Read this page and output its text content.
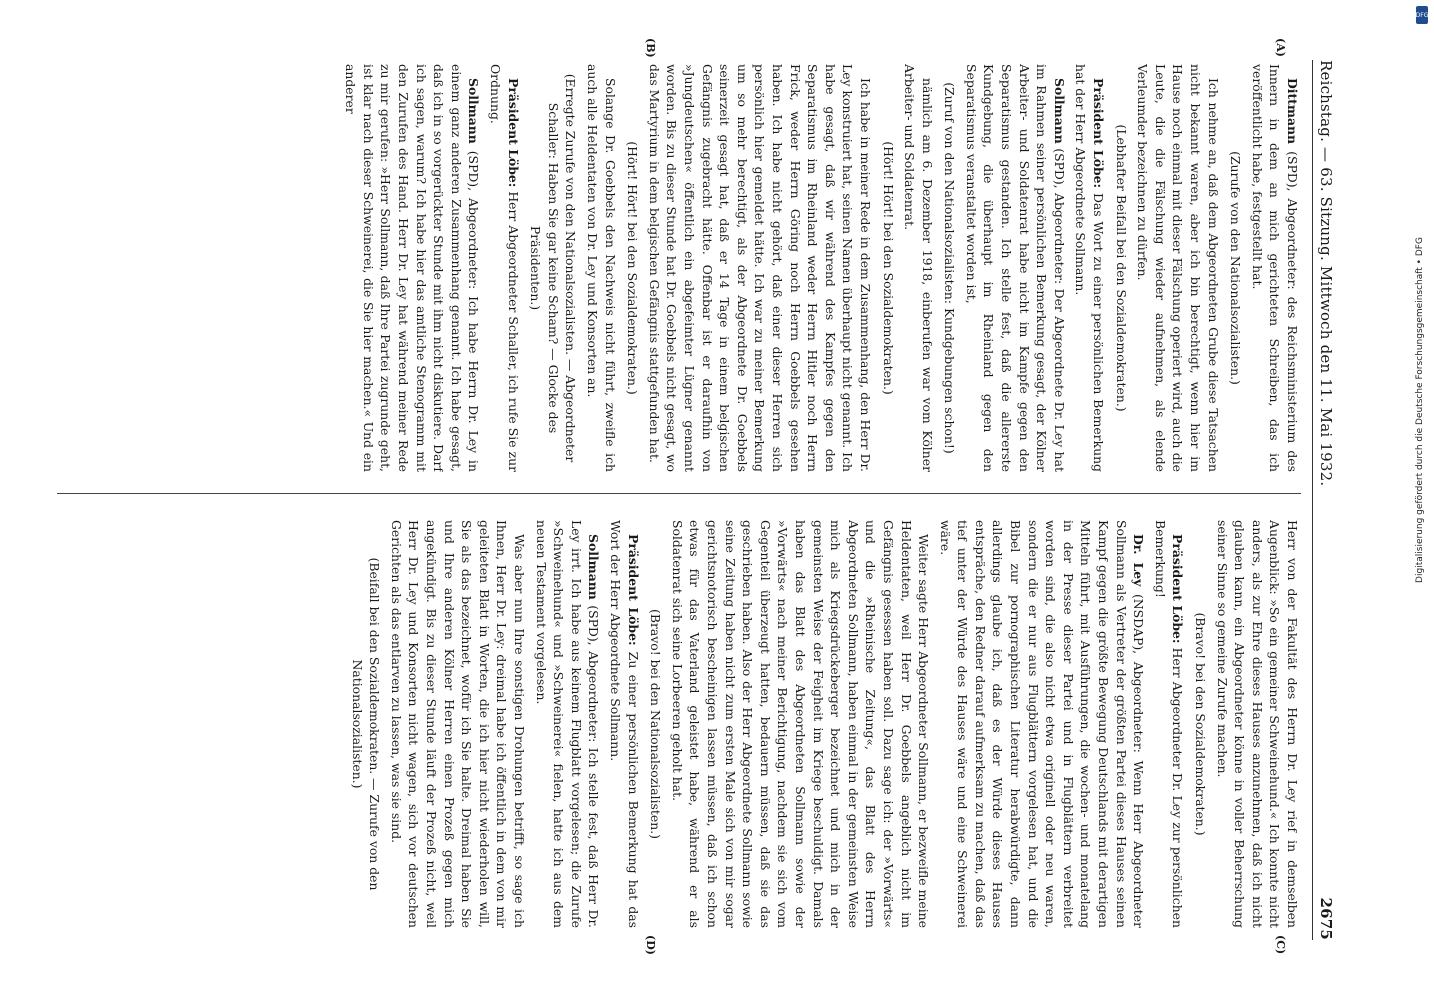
Reichstag. — 63. Sitzung. Mittwoch den 11. Mai 1932.
2675
(A)
(B)
(C)
(D)

Dittmann (SPD), Abgeordneter: des Reichsministerium des Innern in dem an mich gerichteten Schreiben, das ich veröffentlicht habe, festgestellt hat.

(Zurufe von den Nationalsozialisten.)

Ich nehme an, daß dem Abgeordneten Grube diese Tatsachen nicht bekannt waren, aber ich bin berechtigt, wenn hier im Hause noch einmal mit dieser Fälschung operiert wird, auch die Leute, die die Fälschung wieder aufnehmen, als elende Verleumder bezeichnen zu dürfen.

(Lebhafter Beifall bei den Sozialdemokraten.)

Präsident Löbe: Das Wort zu einer persönlichen Bemerkung hat der Herr Abgeordnete Sollmann.

Sollmann (SPD), Abgeordneter: Der Abgeordnete Dr. Ley hat im Rahmen seiner persönlichen Bemerkung gesagt, der Kölner Arbeiter- und Soldatenrat habe nicht im Kampfe gegen den Separatismus gestanden. Ich stelle fest, daß die allererste Kundgebung, die überhaupt im Rheinland gegen den Separatismus veranstaltet worden ist,

(Zuruf von den Nationalsozialisten: Kundgebungen schon!)

nämlich am 6. Dezember 1918, einberufen war vom Kölner Arbeiter- und Soldatenrat.

(Hört! Hört! bei den Sozialdemokraten.)

Ich habe in meiner Rede in dem Zusammenhang, den Herr Dr. Ley konstruiert hat, seinen Namen überhaupt nicht genannt. Ich habe gesagt, daß wir während des Kampfes gegen den Separatismus im Rheinland weder Herrn Hitler noch Herrn Frick, weder Herrn Göring noch Herrn Goebbels gesehen haben. Ich habe nicht gehört, daß einer dieser Herren sich persönlich hier gemeldet hätte. Ich war zu meiner Bemerkung um so mehr berechtigt, als der Abgeordnete Dr. Goebbels seinerzeit gesagt hat, daß er 14 Tage in einem belgischen Gefängnis zugebracht hätte. Offenbar ist er daraufhin von »Jungdeutschen« öffentlich ein abgefeimter Lügner genannt worden. Bis zu dieser Stunde hat Dr. Goebbels nicht gesagt, wo das Martyrium in dem belgischen Gefängnis stattgefunden hat.

(Hört! Hört! bei den Sozialdemokraten.)

Solange Dr. Goebbels den Nachweis nicht führt, zweifle ich auch alle Heldentaten von Dr. Ley und Konsorten an.

(Erregte Zurufe von den Nationalsozialisten. — Abgeordneter Schaller: Haben Sie gar keine Scham? — Glocke des Präsidenten.)

Präsident Löbe: Herr Abgeordneter Schaller, ich rufe Sie zur Ordnung.

Sollmann (SPD), Abgeordneter: Ich habe Herrn Dr. Ley in einem ganz anderen Zusammenhang genannt. Ich habe gesagt, daß ich in so vorgerückter Stunde mit ihm nicht diskutiere. Darf ich sagen, warum? Ich habe hier das amtliche Stenogramm mit den Zurufen des Hand. Herr Dr. Ley hat während meiner Rede zu mir gerufen: »Herr Sollmann, daß Ihre Partei zugrunde geht, ist klar nach dieser Schweinerei, die Sie hier machen.« Und ein anderer

Herr von der Fakultät des Herrn Dr. Ley rief in demselben Augenblick: »So ein gemeiner Schweinehund.« Ich konnte nicht anders, als zur Ehre dieses Hauses anzunehmen, daß ich nicht glauben kann, ein Abgeordneter könne in voller Beherrschung seiner Sinne so gemeine Zurufe machen.

(Bravo! bei den Sozialdemokraten.)

Präsident Löbe: Herr Abgeordneter Dr. Ley zur persönlichen Bemerkung!

Dr. Ley (NSDAP), Abgeordneter: Wenn Herr Abgeordneter Sollmann als Vertreter der größten Partei dieses Hauses seinen Kampf gegen die größte Bewegung Deutschlands mit derartigen Mitteln führt, mit Ausführungen, die wochen- und monatelang in der Presse dieser Partei und in Flugblättern verbreitet worden sind, die also nicht etwa originell oder neu waren, sondern die er nur aus Flugblättern vorgelesen hat, und die Bibel zur pornographischen Literatur herabwürdigte, dann allerdings glaube ich, daß es der Würde dieses Hauses entspräche, den Redner darauf aufmerksam zu machen, daß das tief unter der Würde des Hauses wäre und eine Schweinerei wäre.

Weiter sagte Herr Abgeordneter Sollmann, er bezweifle meine Heldentaten, weil Herr Dr. Goebbels angeblich nicht im Gefängnis gesessen haben soll. Dazu sage ich: der »Vorwärts« und die »Rheinische Zeitung«, das Blatt des Herrn Abgeordneten Sollmann, haben einmal in der gemeinsten Weise mich als Kriegsdrückeberger bezeichnet und mich in der gemeinsten Weise der Feigheit im Kriege beschuldigt. Damals haben das Blatt des Abgeordneten Sollmann sowie der »Vorwärts« nach meiner Berichtigung, nachdem sie sich vom Gegenteil überzeugt hatten, bedauern müssen, daß sie das geschrieben haben. Also der Herr Abgeordnete Sollmann sowie seine Zeitung haben nicht zum ersten Male sich von mir sogar gerichtsnotorisch bescheinigen lassen müssen, daß ich schon etwas für das Vaterland geleistet habe, während er als Soldatenrat sich seine Lorbeeren geholt hat.

(Bravo! bei den Nationalsozialisten.)

Präsident Löbe: Zu einer persönlichen Bemerkung hat das Wort der Herr Abgeordnete Sollmann.

Sollmann (SPD), Abgeordneter: Ich stelle fest, daß Herr Dr. Ley irrt. Ich habe aus keinem Flugblatt vorgelesen; die Zurufe »Schweinehund« und »Schweinerei« fielen, hatte ich aus dem neuen Testament vorgelesen.

Was aber nun Ihre sonstigen Drohungen betrifft, so sage ich Ihnen, Herr Dr. Ley: dreimal habe ich öffentlich in dem von mir geleiteten Blatt in Worten, die ich hier nicht wiederholen will, Sie als das bezeichnet, wofür ich Sie halte. Dreimal haben Sie und Ihre anderen Kölner Herren einen Prozeß gegen mich angekündigt. Bis zu dieser Stunde läuft der Prozeß nicht, weil Herr Dr. Ley und Konsorten nicht wagen, sich vor deutschen Gerichten als das entlarven zu lassen, was sie sind.

(Beifall bei den Sozialdemokraten. — Zurufe von den Nationalsozialisten.)

DFG
Digitalisierung gefördert durch die Deutsche Forschungsgemeinschaft • DFG
